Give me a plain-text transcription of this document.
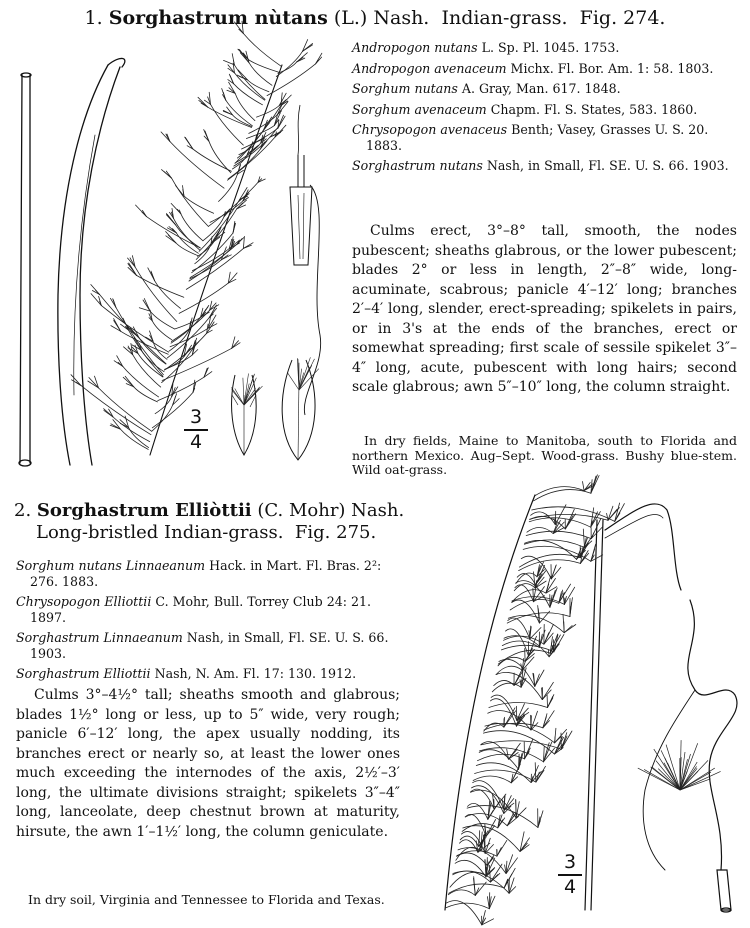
1. Sorghastrum nùtans (L.) Nash. Indian-grass. Fig. 274.

Andropogon nutans L. Sp. Pl. 1045. 1753.

Andropogon avenaceum Michx. Fl. Bor. Am. 1: 58. 1803.

Sorghum nutans A. Gray, Man. 617. 1848.

Sorghum avenaceum Chapm. Fl. S. States, 583. 1860.

Chrysopogon avenaceus Benth; Vasey, Grasses U. S. 20. 1883.

Sorghastrum nutans Nash, in Small, Fl. SE. U. S. 66. 1903.

Culms erect, 3°–8° tall, smooth, the nodes pubescent; sheaths glabrous, or the lower pubescent; blades 2° or less in length, 2″–8″ wide, long-acuminate, scabrous; panicle 4′–12′ long; branches 2′–4′ long, slender, erect-spreading; spikelets in pairs, or in 3's at the ends of the branches, erect or somewhat spreading; first scale of sessile spikelet 3″–4″ long, acute, pubescent with long hairs; second scale glabrous; awn 5″–10″ long, the column straight.

In dry fields, Maine to Manitoba, south to Florida and northern Mexico. Aug–Sept. Wood-grass. Bushy blue-stem. Wild oat-grass.

3
4
2. Sorghastrum Elliòttii (C. Mohr) Nash.
Long-bristled Indian-grass. Fig. 275.

Sorghum nutans Linnaeanum Hack. in Mart. Fl. Bras. 2²: 276. 1883.

Chrysopogon Elliottii C. Mohr, Bull. Torrey Club 24: 21. 1897.

Sorghastrum Linnaeanum Nash, in Small, Fl. SE. U. S. 66. 1903.

Sorghastrum Elliottii Nash, N. Am. Fl. 17: 130. 1912.

Culms 3°–4½° tall; sheaths smooth and glabrous; blades 1½° long or less, up to 5″ wide, very rough; panicle 6′–12′ long, the apex usually nodding, its branches erect or nearly so, at least the lower ones much exceeding the internodes of the axis, 2½′–3′ long, the ultimate divisions straight; spikelets 3″–4″ long, lanceolate, deep chestnut brown at maturity, hirsute, the awn 1′–1½′ long, the column geniculate.

In dry soil, Virginia and Tennessee to Florida and Texas.

3
4
